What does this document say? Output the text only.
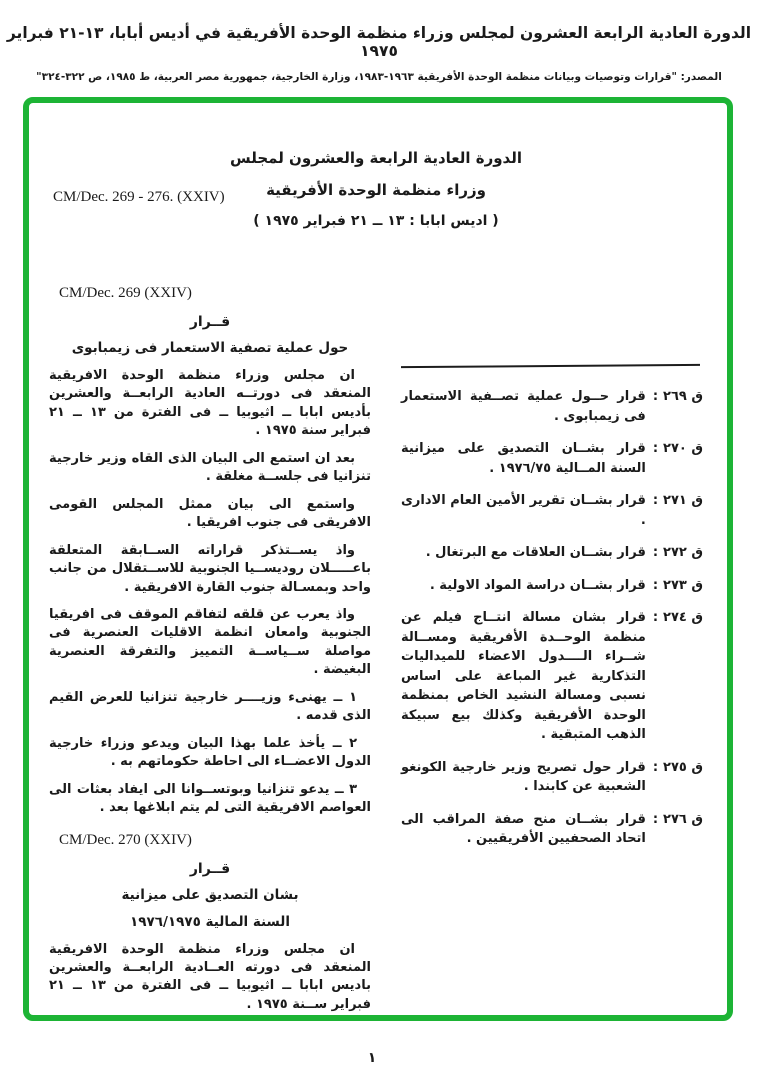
الدورة العادية الرابعة العشرون لمجلس وزراء منظمة الوحدة الأفريقية في أديس أبابا، ١٣-٢١ فبراير ١٩٧٥
المصدر: "قرارات وتوصيات وبيانات منظمة الوحدة الأفريقية ١٩٦٣-١٩٨٣، وزارة الخارجية، جمهورية مصر العربية، ط ١٩٨٥، ص ٣٢٢-٣٢٤"
CM/Dec. 269 - 276. (XXIV)
الدورة العادية الرابعة والعشرون لمجلس
وزراء منظمة الوحدة الأفريقية
( اديس ابابا : ١٣ ــ ٢١ فبراير ١٩٧٥ )
CM/Dec. 269 (XXIV)
قــرار
حول عملية تصفية الاستعمار فى زيمبابوى

ان مجلس وزراء منظمة الوحدة الافريقية المنعقد فى دورتــه العادية الرابعــة والعشرين بأديس ابابا ــ اثيوبيا ــ فى الفترة من ١٣ ــ ٢١ فبراير سنة ١٩٧٥ .

بعد ان استمع الى البيان الذى القاه وزير خارجية تنزانيا فى جلســة مغلقة .

واستمع الى بيان ممثل المجلس القومى الافريقى فى جنوب افريقيا .

واذ يســتذكر قراراته الســابقة المتعلقة باعـــــلان روديســيا الجنوبية للاســتقلال من جانب واحد وبمسـالة جنوب القارة الافريقية .

واذ يعرب عن قلقه لتفاقم الموقف فى افريقيا الجنوبية وامعان انظمة الاقليات العنصرية فى مواصلة ســياســة التمييز والتفرقة العنصرية البغيضة .

١ ــ يهنىء وزيــــر خارجية تنزانيا للعرض القيم الذى قدمه .

٢ ــ يأخذ علما بهذا البيان ويدعو وزراء خارجية الدول الاعضــاء الى احاطة حكوماتهم به .

٣ ــ يدعو تنزانيا وبوتســوانا الى ايفاد بعثات الى العواصم الافريقية التى لم يتم ابلاغها بعد .

CM/Dec. 270 (XXIV)
قــرار
بشان التصديق على ميزانية
السنة المالية ١٩٧٦/١٩٧٥

ان مجلس وزراء منظمة الوحدة الافريقية المنعقد فى دورته العــادية الرابعــة والعشرين باديس ابابا ــ اثيوبيا ــ فى الفترة من ١٣ ــ ٢١ فبراير ســنة ١٩٧٥ .

ق ٢٦٩
:
قرار حــول عملية تصــفية الاستعمار فى زيمبابوى .
ق ٢٧٠
:
قرار بشــان التصديق على ميزانية السنة المــالية ١٩٧٦/٧٥ .
ق ٢٧١
:
قرار بشــان تقرير الأمين العام الادارى .
ق ٢٧٢
:
قرار بشــان العلاقات مع البرتغال .
ق ٢٧٣
:
قرار بشــان دراسة المواد الاولية .
ق ٢٧٤
:
قرار بشان مسالة انتــاج فيلم عن منظمة الوحــدة الأفريقية ومســالة شــراء الــــدول الاعضاء للميداليات التذكارية غير المباعة على اساس نسبى ومسالة النشيد الخاص بمنظمة الوحدة الأفريقية وكذلك بيع سبيكة الذهب المتبقية .
ق ٢٧٥
:
قرار حول تصريح وزير خارجية الكونغو الشعبية عن كابندا .
ق ٢٧٦
:
قرار بشــان منح صفة المراقب الى اتحاد الصحفيين الأفريقيين .
١
